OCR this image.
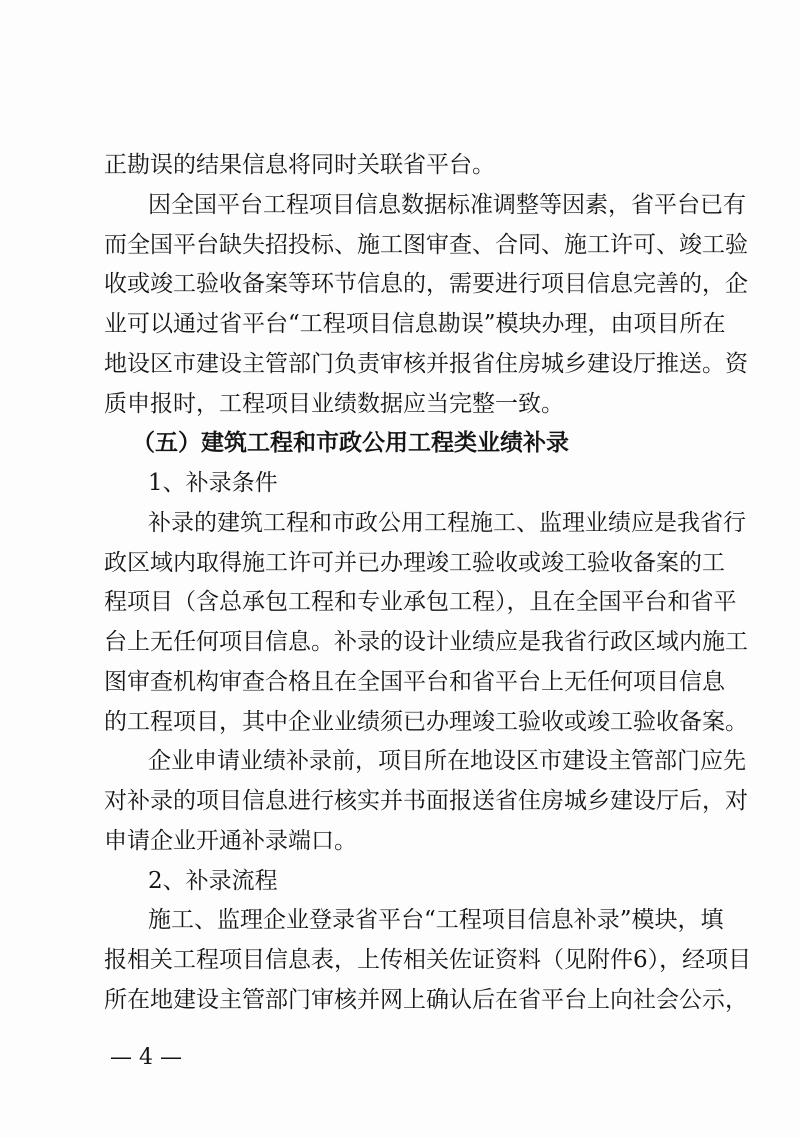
— 4 —
正勘误的结果信息将同时关联省平台。
因全国平台工程项目信息数据标准调整等因素，省平台已有
而全国平台缺失招投标、施工图审查、合同、施工许可、竣工验
收或竣工验收备案等环节信息的，需要进行项目信息完善的，企
业可以通过省平台“工程项目信息勘误”模块办理，由项目所在
地设区市建设主管部门负责审核并报省住房城乡建设厅推送。资
质申报时，工程项目业绩数据应当完整一致。
（五）建筑工程和市政公用工程类业绩补录
1、补录条件
补录的建筑工程和市政公用工程施工、监理业绩应是我省行
政区域内取得施工许可并已办理竣工验收或竣工验收备案的工
程项目（含总承包工程和专业承包工程），且在全国平台和省平
台上无任何项目信息。补录的设计业绩应是我省行政区域内施工
图审查机构审查合格且在全国平台和省平台上无任何项目信息
的工程项目，其中企业业绩须已办理竣工验收或竣工验收备案。
企业申请业绩补录前，项目所在地设区市建设主管部门应先
对补录的项目信息进行核实并书面报送省住房城乡建设厅后，对
申请企业开通补录端口。
2、补录流程
施工、监理企业登录省平台“工程项目信息补录”模块，填
报相关工程项目信息表，上传相关佐证资料（见附件6），经项目
所在地建设主管部门审核并网上确认后在省平台上向社会公示，
